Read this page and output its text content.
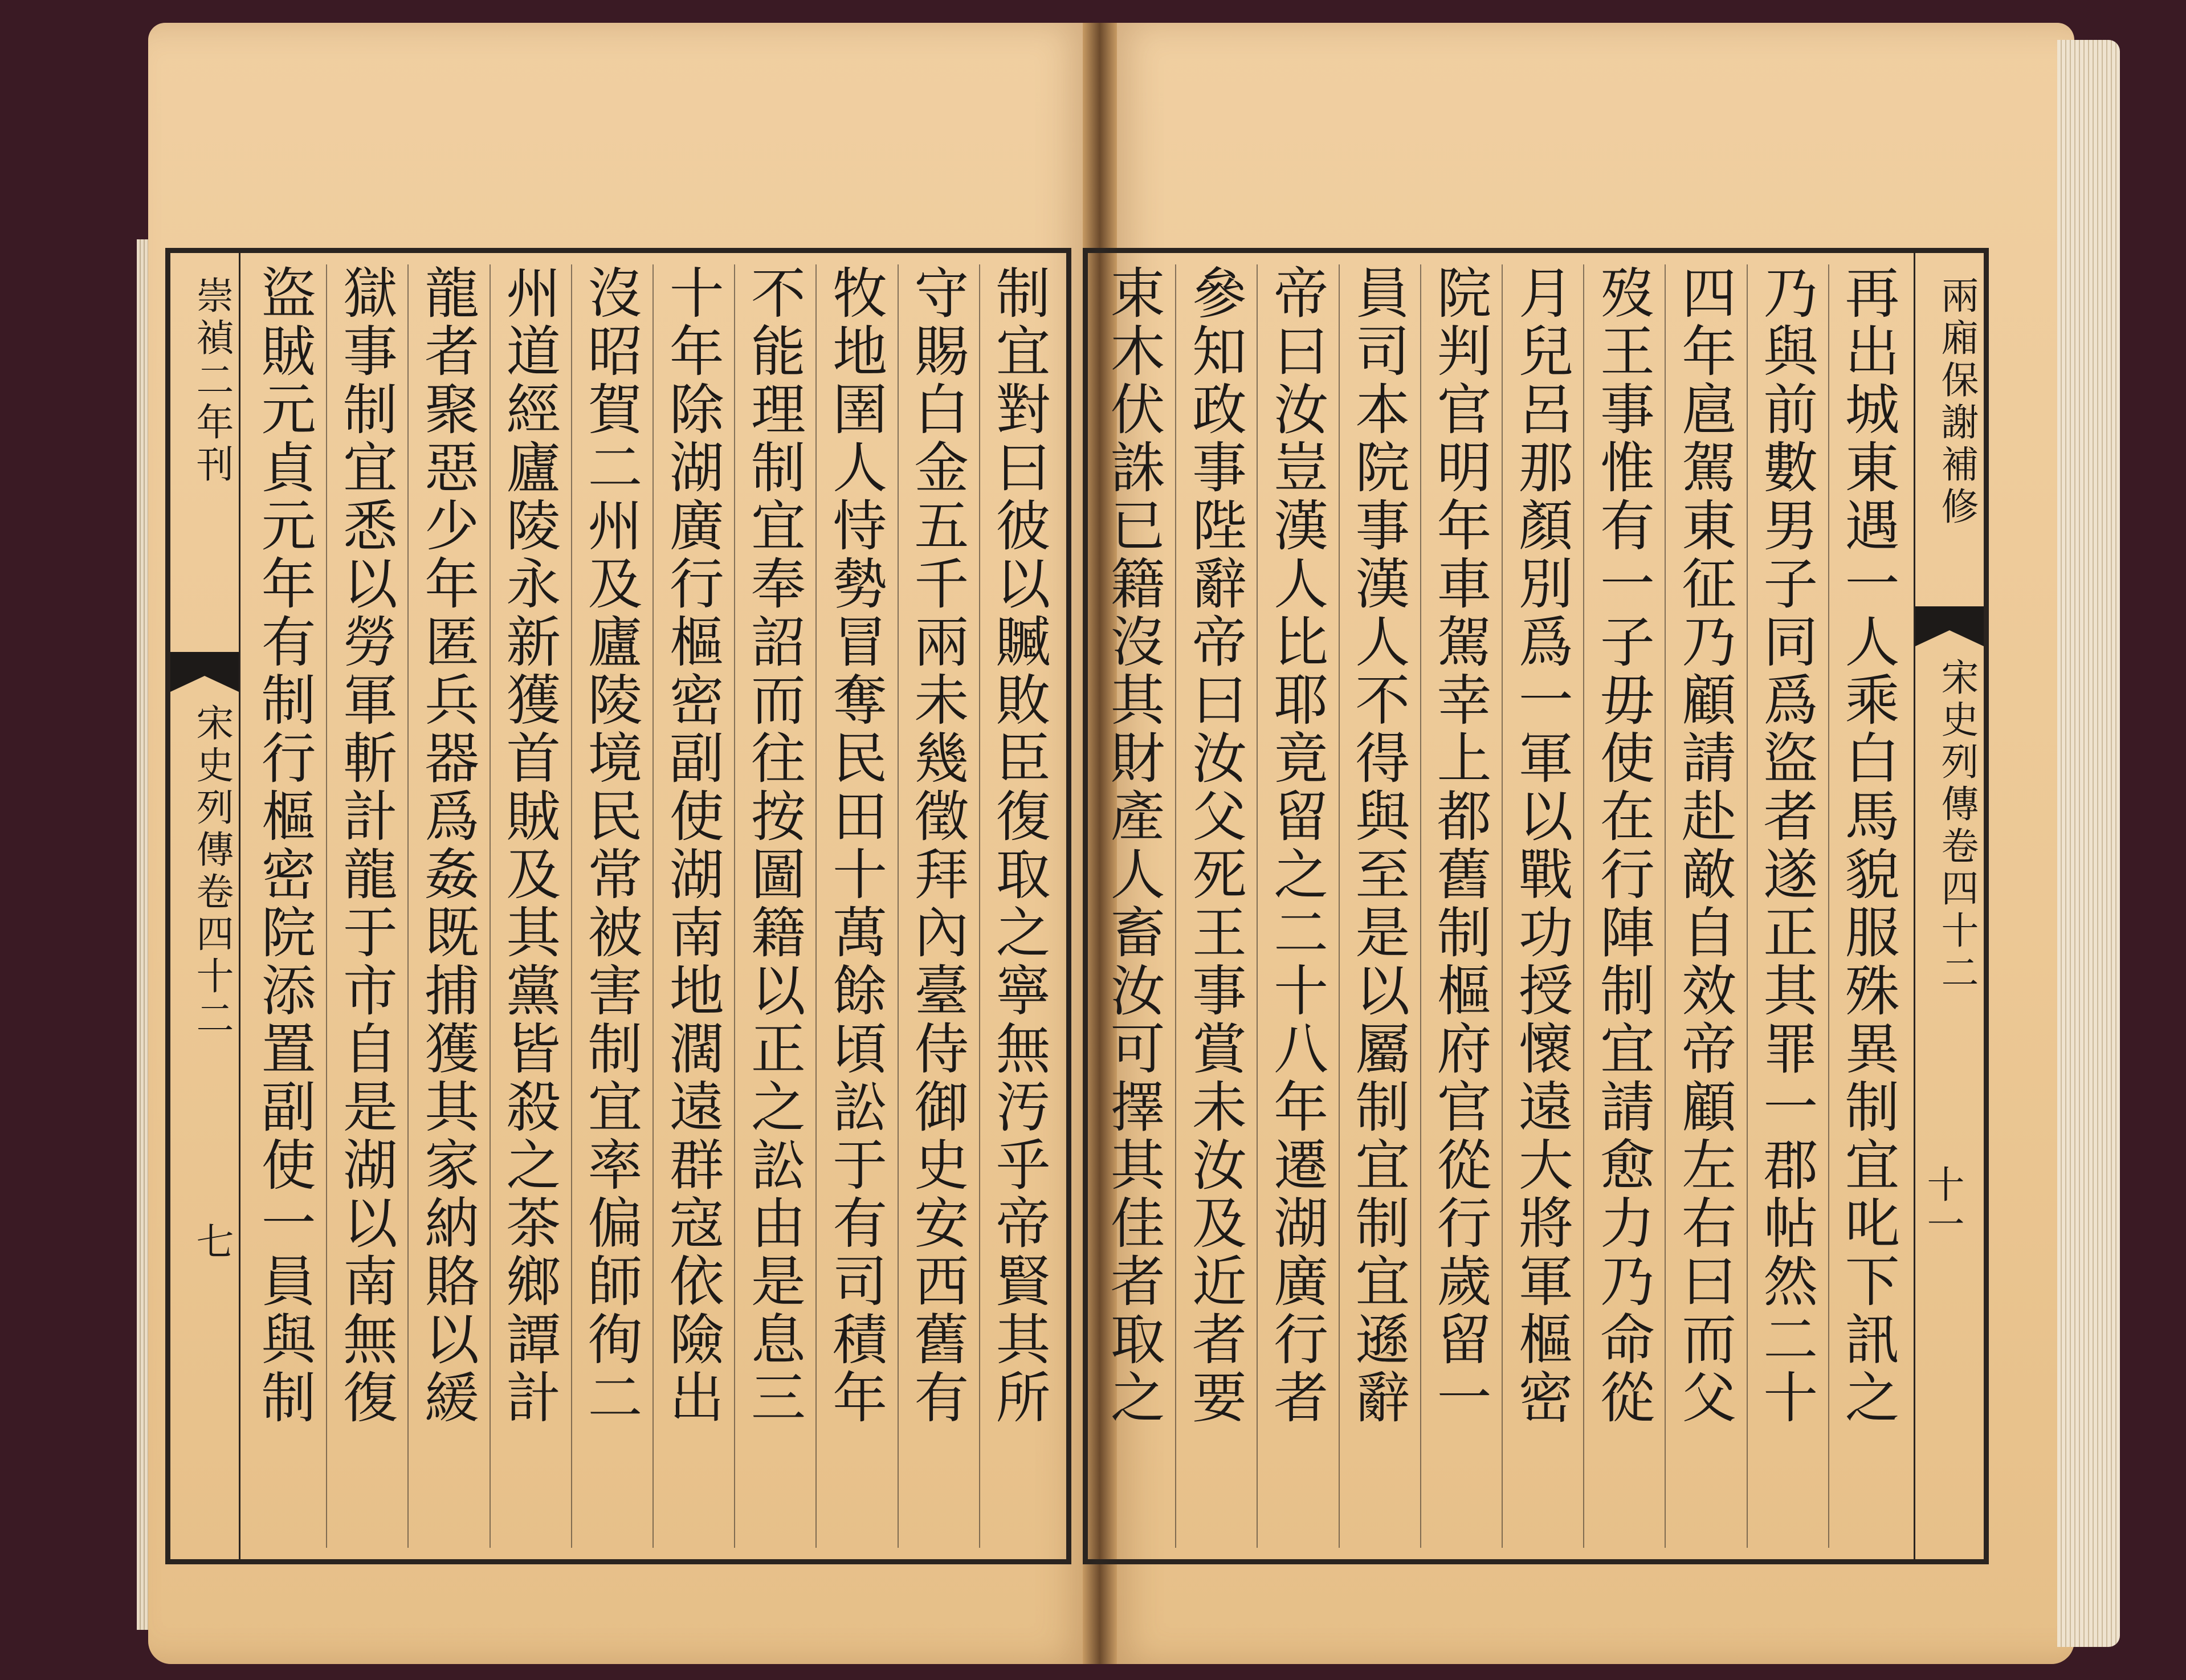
崇禎二年刊
宋史列傳卷四十二
七	制宜對曰彼以贓敗臣復取之寧無汚乎帝賢其所
守賜白金五千兩未幾徵拜內臺侍御史安西舊有
牧地圉人恃勢冒奪民田十萬餘頃訟于有司積年
不能理制宜奉詔而往按圖籍以正之訟由是息三
十年除湖廣行樞密副使湖南地濶遠群寇依險出
沒昭賀二州及廬陵境民常被害制宜率偏師徇二
州道經廬陵永新獲首賊及其黨皆殺之茶鄉譚計
龍者聚惡少年匿兵器爲姦既捕獲其家納賂以緩
獄事制宜悉以勞軍斬計龍于市自是湖以南無復
盜賊元貞元年有制行樞密院添置副使一員與制	兩廂保謝補修
宋史列傳卷四十二
十一
再出城東遇一人乘白馬貌服殊異制宜叱下訊之
乃與前數男子同爲盜者遂正其罪一郡帖然二十
四年扈駕東征乃顧請赴敵自效帝顧左右曰而父
歿王事惟有一子毋使在行陣制宜請愈力乃命從
月兒呂那顏別爲一軍以戰功授懷遠大將軍樞密
院判官明年車駕幸上都舊制樞府官從行歲留一
員司本院事漢人不得與至是以屬制宜制宜遜辭
帝曰汝豈漢人比耶竟留之二十八年遷湖廣行者
參知政事陛辭帝曰汝父死王事賞未汝及近者要
束木伏誅已籍沒其財產人畜汝可擇其佳者取之
